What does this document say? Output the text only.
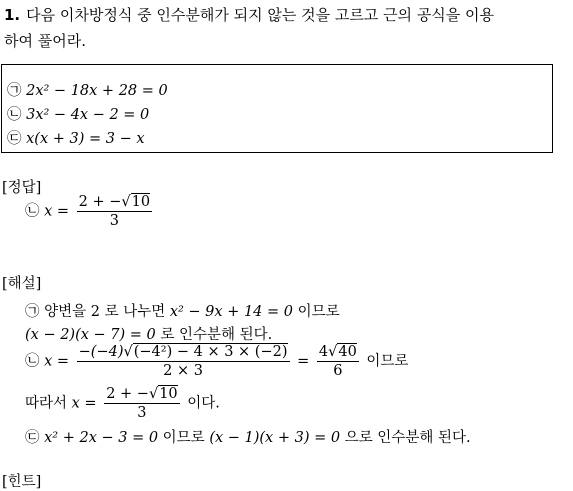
1. 다음 이차방정식 중 인수분해가 되지 않는 것을 고르고 근의 공식을 이용
하여 풀어라.
㉠ 2x² − 18x + 28 = 0
㉡ 3x² − 4x − 2 = 0
㉢ x(x + 3) = 3 − x
[정답]
㉡ $x = \frac{2 + -√10}{3}$
[해설]
㉠ 양변을 2 로 나누면 x² − 9x + 14 = 0 이므로
(x − 2)(x − 7) = 0 로 인수분해 된다.
㉡ $x = \frac{\text{−(−4)√(−4²) − 4 × 3 × (−2)}}{2 \times 3} = \frac{4√40}{6}$ 이므로
따라서 $x = \frac{2 + -√10}{3}$ 이다.
㉢ x² + 2x − 3 = 0 이므로 (x − 1)(x + 3) = 0 으로 인수분해 된다.
[힌트]
